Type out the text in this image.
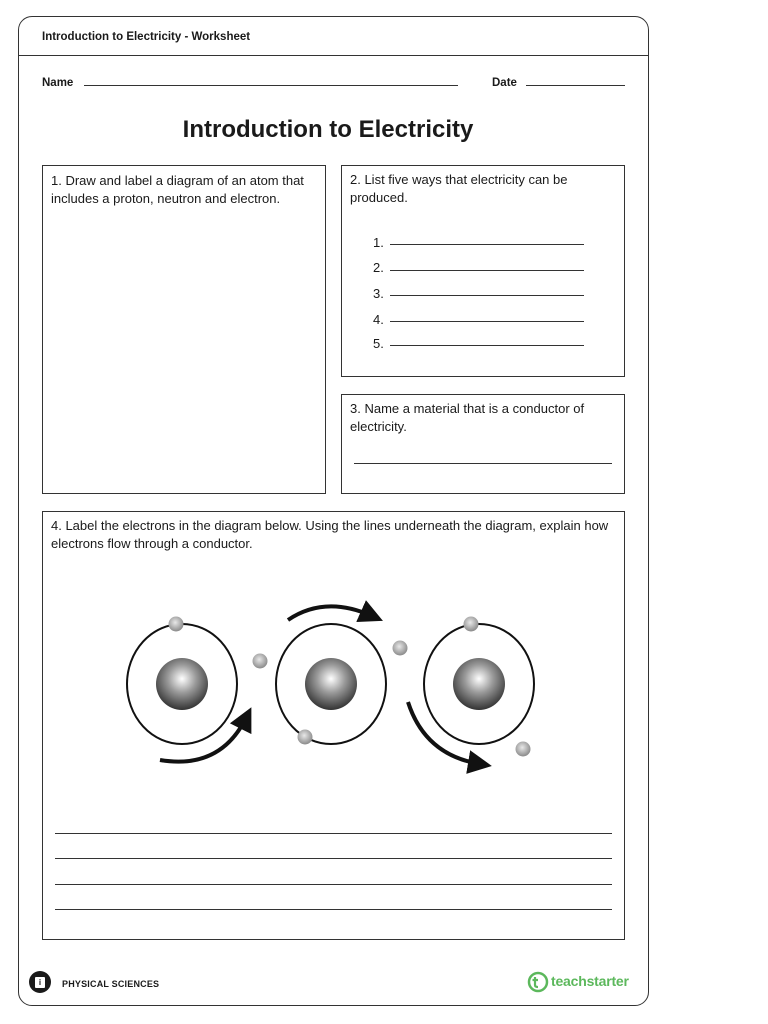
Introduction to Electricity - Worksheet
Name	Date
Introduction to Electricity
1. Draw and label a diagram of an atom that includes a proton, neutron and electron.
2. List five ways that electricity can be produced.
1.
2.
3.
4.
5.
3. Name a material that is a conductor of electricity.
4. Label the electrons in the diagram below. Using the lines underneath the diagram, explain how electrons flow through a conductor.
i	PHYSICAL SCIENCES	teachstarter
